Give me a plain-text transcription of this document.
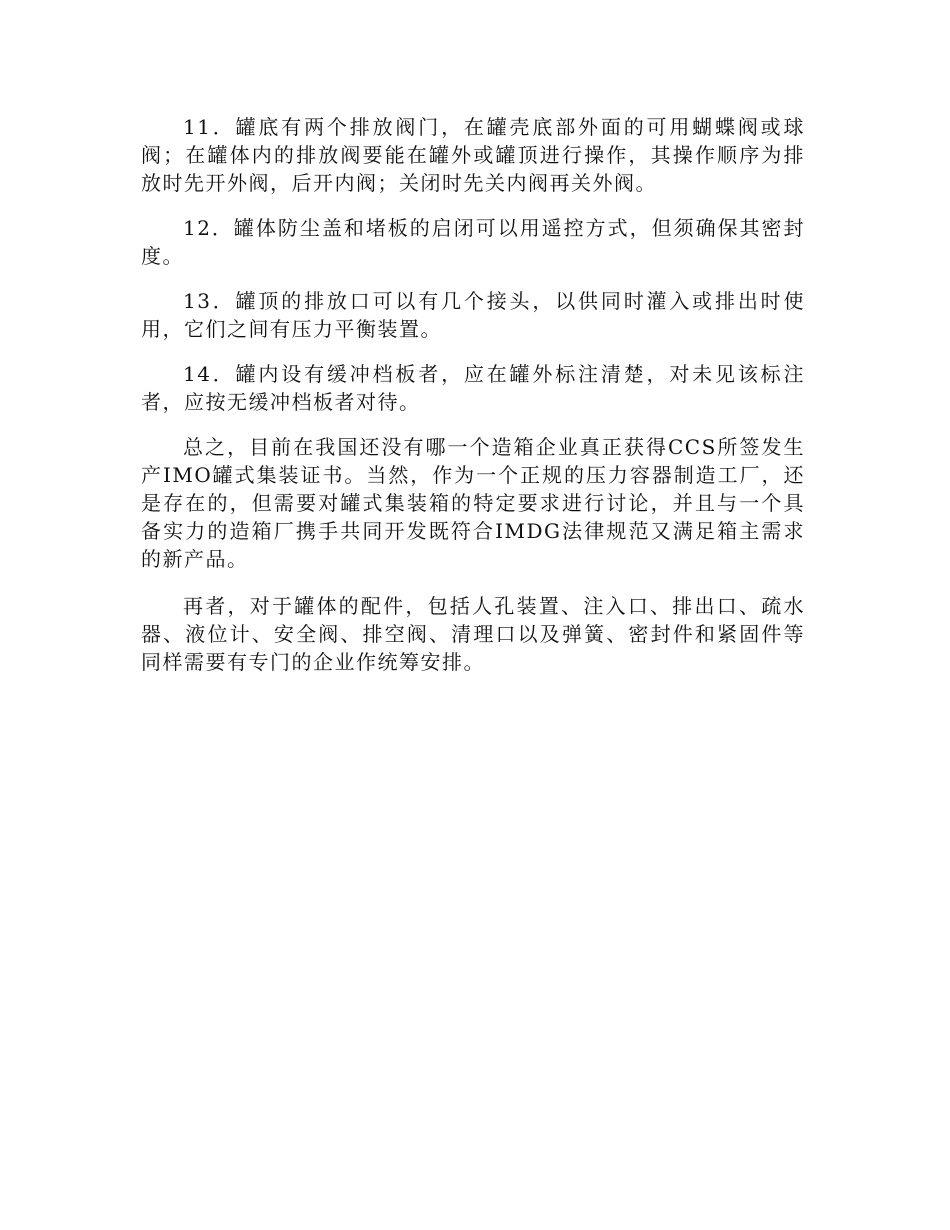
11．罐底有两个排放阀门，在罐壳底部外面的可用蝴蝶阀或球阀；在罐体内的排放阀要能在罐外或罐顶进行操作，其操作顺序为排放时先开外阀，后开内阀；关闭时先关内阀再关外阀。

12．罐体防尘盖和堵板的启闭可以用遥控方式，但须确保其密封度。

13．罐顶的排放口可以有几个接头，以供同时灌入或排出时使用，它们之间有压力平衡装置。

14．罐内设有缓冲档板者，应在罐外标注清楚，对未见该标注者，应按无缓冲档板者对待。

总之，目前在我国还没有哪一个造箱企业真正获得CCS所签发生产IMO罐式集装证书。当然，作为一个正规的压力容器制造工厂，还是存在的，但需要对罐式集装箱的特定要求进行讨论，并且与一个具备实力的造箱厂携手共同开发既符合IMDG法律规范又满足箱主需求的新产品。

再者，对于罐体的配件，包括人孔装置、注入口、排出口、疏水器、液位计、安全阀、排空阀、清理口以及弹簧、密封件和紧固件等同样需要有专门的企业作统筹安排。
